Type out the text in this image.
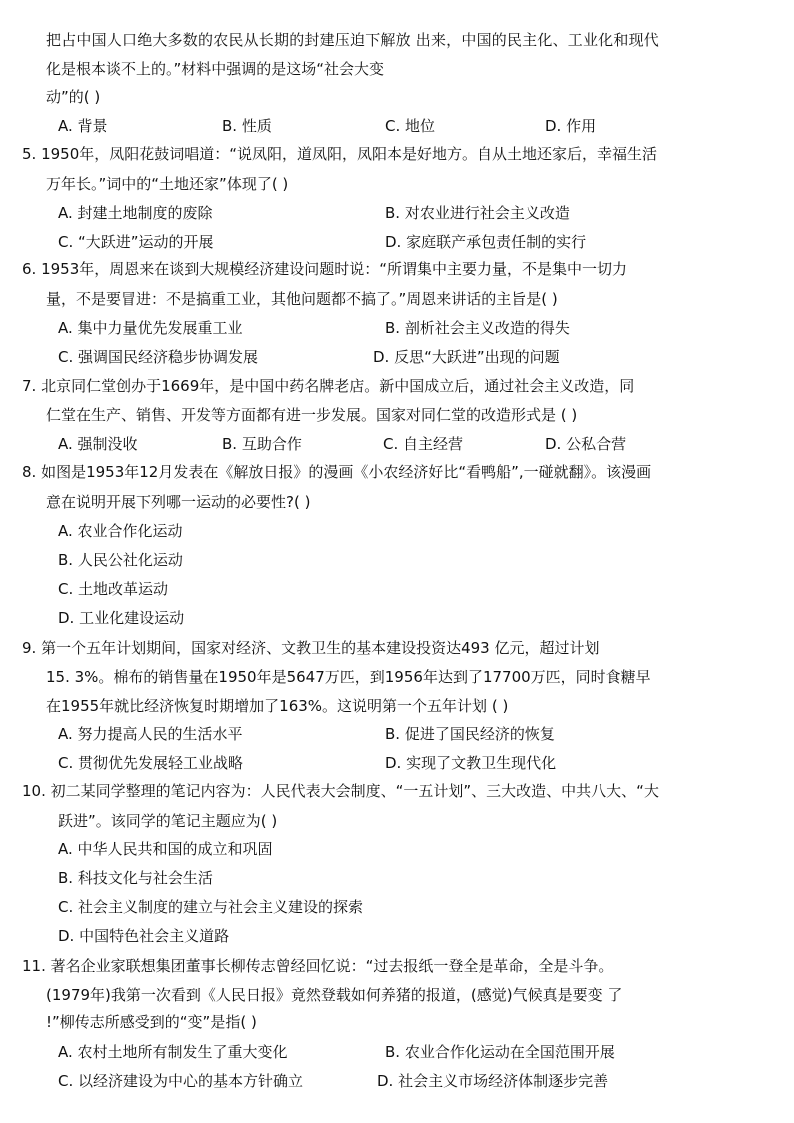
把占中国人口绝大多数的农民从长期的封建压迫下解放 出来，中国的民主化、工业化和现代
化是根本谈不上的。”材料中强调的是这场“社会大变
动”的( )
A. 背景	B. 性质	C. 地位	D. 作用
5. 1950年，凤阳花鼓词唱道：“说凤阳，道凤阳，凤阳本是好地方。自从土地还家后，幸福生活
万年长。”词中的“土地还家”体现了( )
A. 封建土地制度的废除	B. 对农业进行社会主义改造
C. “大跃进”运动的开展	D. 家庭联产承包责任制的实行
6. 1953年，周恩来在谈到大规模经济建设问题时说：“所谓集中主要力量，不是集中一切力
量，不是要冒进：不是搞重工业，其他问题都不搞了。”周恩来讲话的主旨是( )
A. 集中力量优先发展重工业	B. 剖析社会主义改造的得失
C. 强调国民经济稳步协调发展	D. 反思“大跃进”出现的问题
7. 北京同仁堂创办于1669年，是中国中药名牌老店。新中国成立后，通过社会主义改造，同
仁堂在生产、销售、开发等方面都有进一步发展。国家对同仁堂的改造形式是 ( )
A. 强制没收	B. 互助合作	C. 自主经营	D. 公私合营
8. 如图是1953年12月发表在《解放日报》的漫画《小农经济好比“看鸭船”,一碰就翻》。该漫画
意在说明开展下列哪一运动的必要性?( )
A. 农业合作化运动
B. 人民公社化运动
C. 土地改革运动
D. 工业化建设运动
9. 第一个五年计划期间，国家对经济、文教卫生的基本建设投资达493 亿元，超过计划
15. 3%。棉布的销售量在1950年是5647万匹，到1956年达到了17700万匹，同时食糖早
在1955年就比经济恢复时期增加了163%。这说明第一个五年计划 ( )
A. 努力提高人民的生活水平	B. 促进了国民经济的恢复
C. 贯彻优先发展轻工业战略	D. 实现了文教卫生现代化
10. 初二某同学整理的笔记内容为：人民代表大会制度、“一五计划”、三大改造、中共八大、“大
跃进”。该同学的笔记主题应为( )
A. 中华人民共和国的成立和巩固
B. 科技文化与社会生活
C. 社会主义制度的建立与社会主义建设的探索
D. 中国特色社会主义道路
11. 著名企业家联想集团董事长柳传志曾经回忆说：“过去报纸一登全是革命，全是斗争。
(1979年)我第一次看到《人民日报》竟然登载如何养猪的报道，(感觉)气候真是要变 了
!”柳传志所感受到的“变”是指( )
A. 农村土地所有制发生了重大变化	B. 农业合作化运动在全国范围开展
C. 以经济建设为中心的基本方针确立	D. 社会主义市场经济体制逐步完善
